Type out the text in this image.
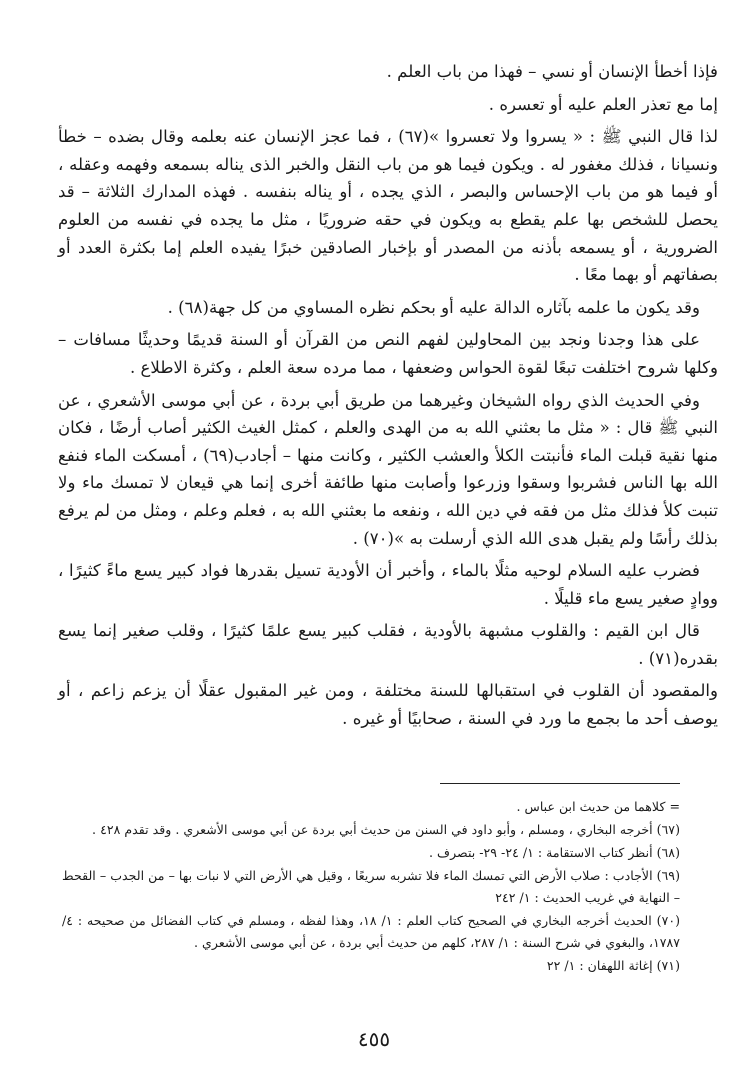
فإذا أخطأ الإنسان أو نسي – فهذا من باب العلم .

إما مع تعذر العلم عليه أو تعسره .

لذا قال النبي ﷺ : « يسروا ولا تعسروا »(٦٧) ، فما عجز الإنسان عنه بعلمه وقال بضده – خطأ ونسيانا ، فذلك مغفور له . ويكون فيما هو من باب النقل والخبر الذى يناله بسمعه وفهمه وعقله ، أو فيما هو من باب الإحساس والبصر ، الذي يجده ، أو يناله بنفسه . فهذه المدارك الثلاثة – قد يحصل للشخص بها علم يقطع به ويكون في حقه ضروريًا ، مثل ما يجده في نفسه من العلوم الضرورية ، أو يسمعه بأذنه من المصدر أو بإخبار الصادقين خبرًا يفيده العلم إما بكثرة العدد أو بصفاتهم أو بهما معًا .

وقد يكون ما علمه بآثاره الدالة عليه أو بحكم نظره المساوي من كل جهة(٦٨) .

على هذا وجدنا ونجد بين المحاولين لفهم النص من القرآن أو السنة قديمًا وحديثًا مسافات – وكلها شروح اختلفت تبعًا لقوة الحواس وضعفها ، مما مرده سعة العلم ، وكثرة الاطلاع .

وفي الحديث الذي رواه الشيخان وغيرهما من طريق أبي بردة ، عن أبي موسى الأشعري ، عن النبي ﷺ قال : « مثل ما بعثني الله به من الهدى والعلم ، كمثل الغيث الكثير أصاب أرضًا ، فكان منها نقية قبلت الماء فأنبتت الكلأ والعشب الكثير ، وكانت منها – أجادب(٦٩) ، أمسكت الماء فنفع الله بها الناس فشربوا وسقوا وزرعوا وأصابت منها طائفة أخرى إنما هي قيعان لا تمسك ماء ولا تنبت كلأ فذلك مثل من فقه في دين الله ، ونفعه ما بعثني الله به ، فعلم وعلم ، ومثل من لم يرفع بذلك رأسًا ولم يقبل هدى الله الذي أرسلت به »(٧٠) .

فضرب عليه السلام لوحيه مثلًا بالماء ، وأخبر أن الأودية تسيل بقدرها فواد كبير يسع ماءً كثيرًا ، ووادٍ صغير يسع ماء قليلًا .

قال ابن القيم : والقلوب مشبهة بالأودية ، فقلب كبير يسع علمًا كثيرًا ، وقلب صغير إنما يسع بقدره(٧١) .

والمقصود أن القلوب في استقبالها للسنة مختلفة ، ومن غير المقبول عقلًا أن يزعم زاعم ، أو يوصف أحد ما بجمع ما ورد في السنة ، صحابيًا أو غيره .

= كلاهما من حديث ابن عباس .

(٦٧) أخرجه البخاري ، ومسلم ، وأبو داود في السنن من حديث أبي بردة عن أبي موسى الأشعري . وقد تقدم ٤٢٨ .

(٦٨) أنظر كتاب الاستقامة : ١/ ٢٤- ٢٩- بتصرف .

(٦٩) الأجادب : صلاب الأرض التي تمسك الماء فلا تشربه سريعًا ، وقيل هي الأرض التي لا نبات بها – من الجدب – القحط – النهاية في غريب الحديث : ١/ ٢٤٢

(٧٠) الحديث أخرجه البخاري في الصحيح كتاب العلم : ١/ ١٨، وهذا لفظه ، ومسلم في كتاب الفضائل من صحيحه : ٤/ ١٧٨٧، والبغوي في شرح السنة : ١/ ٢٨٧، كلهم من حديث أبي بردة ، عن أبي موسى الأشعري .

(٧١) إغاثة اللهفان : ١/ ٢٢

٤٥٥
